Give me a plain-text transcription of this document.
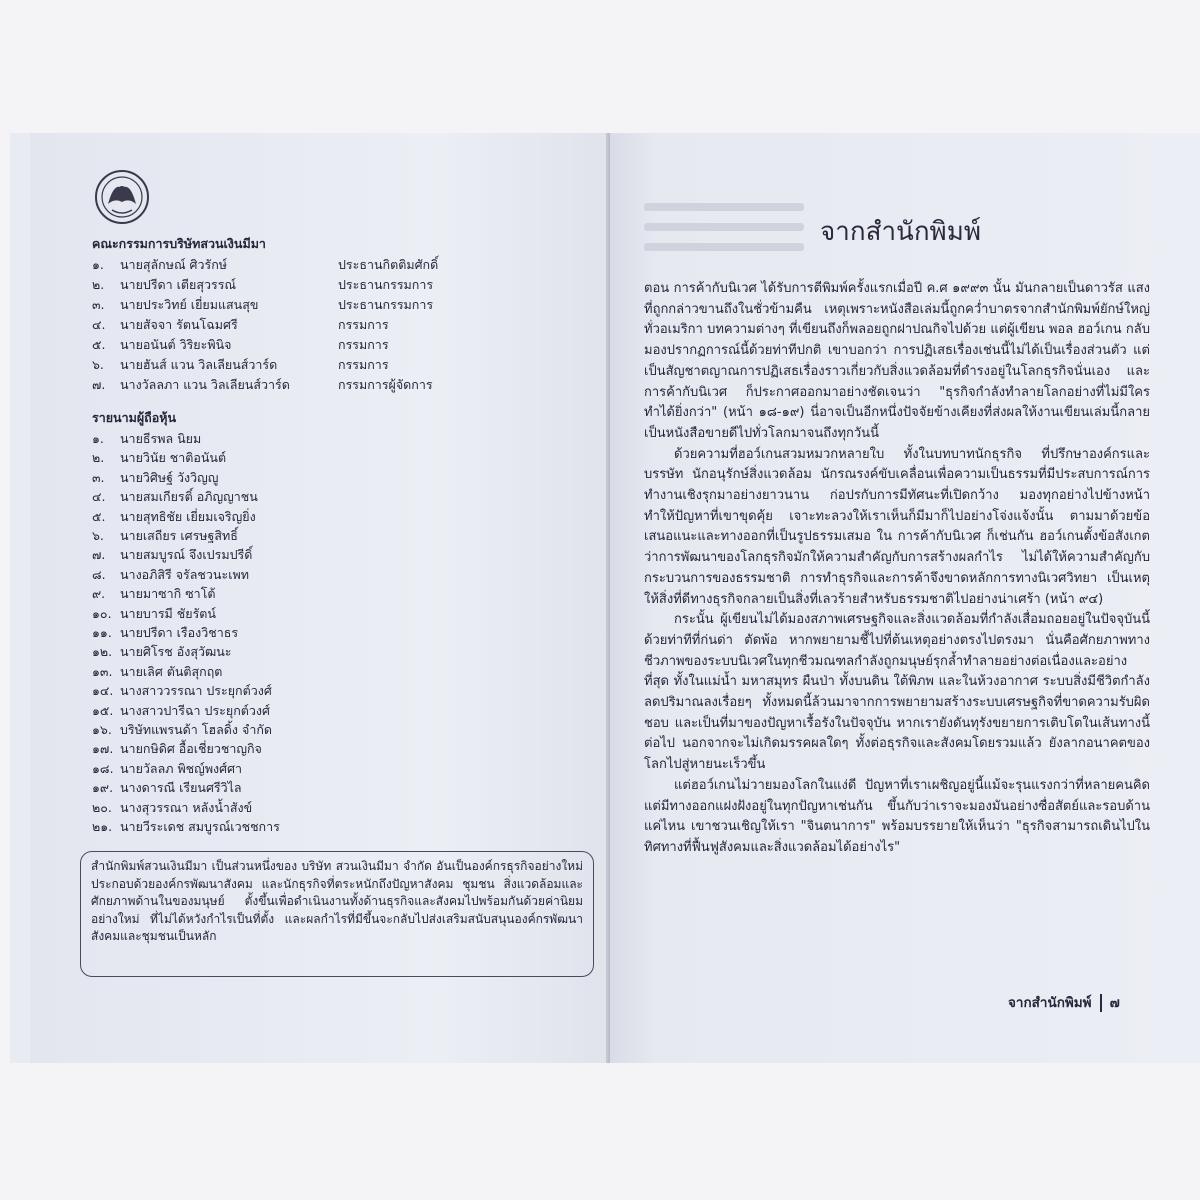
คณะกรรมการบริษัทสวนเงินมีมา
๑. นายสุลักษณ์ ศิวรักษ์	ประธานกิตติมศักดิ์
๒. นายปรีดา เตียสุวรรณ์	ประธานกรรมการ
๓. นายประวิทย์ เยี่ยมแสนสุข	ประธานกรรมการ
๔. นายสัจจา รัตนโฉมศรี	กรรมการ
๕. นายอนันต์ วิริยะพินิจ	กรรมการ
๖. นายฮันส์ แวน วิลเลียนส์วาร์ด	กรรมการ
๗. นางวัลลภา แวน วิลเลียนส์วาร์ด	กรรมการผู้จัดการ
รายนามผู้ถือหุ้น
๑. นายธีรพล นิยม
๒. นายวินัย ชาติอนันต์
๓. นายวิศิษฐ์ วังวิญญู
๔. นายสมเกียรติ์ อภิญญาชน
๕. นายสุทธิชัย เยี่ยมเจริญยิ่ง
๖. นายเสถียร เศรษฐสิทธิ์
๗. นายสมบูรณ์ จึงเปรมปรีดิ์
๘. นางอภิสิรี จรัลชวนะเพท
๙. นายมาซากิ ซาโต้
๑๐. นายบารมี ชัยรัตน์
๑๑. นายปรีดา เรืองวิชาธร
๑๒. นายศิโรช อังสุวัฒนะ
๑๓. นายเลิศ ตันติสุกฤต
๑๔. นางสาววรรณา ประยุกต์วงศ์
๑๕. นางสาวปารีฉา ประยุกต์วงศ์
๑๖. บริษัทแพรนด้า โฮลดิ้ง จำกัด
๑๗. นายกษิดิศ อื้อเชี่ยวชาญกิจ
๑๘. นายวัลลภ พิชญ์พงศ์ศา
๑๙. นางดารณี เรียนศรีวิไล
๒๐. นางสุวรรณา หลังน้ำสังข์
๒๑. นายวีระเดช สมบูรณ์เวชชการ
สำนักพิมพ์สวนเงินมีมา เป็นส่วนหนึ่งของ บริษัท สวนเงินมีมา จำกัด อันเป็นองค์กรธุรกิจอย่างใหม่ ประกอบด้วยองค์กรพัฒนาสังคม และนักธุรกิจที่ตระหนักถึงปัญหาสังคม ชุมชน สิ่งแวดล้อมและศักยภาพด้านในของมนุษย์ ตั้งขึ้นเพื่อดำเนินงานทั้งด้านธุรกิจและสังคมไปพร้อมกันด้วยค่านิยมอย่างใหม่ ที่ไม่ได้หวังกำไรเป็นที่ตั้ง และผลกำไรที่มีขึ้นจะกลับไปส่งเสริมสนับสนุนองค์กรพัฒนาสังคมและชุมชนเป็นหลัก
จากสำนักพิมพ์

ตอน การค้ากับนิเวศ ได้รับการตีพิมพ์ครั้งแรกเมื่อปี ค.ศ ๑๙๙๓ นั้น มันกลายเป็นดาวรัส แสงที่ถูกกล่าวขานถึงในชั่วข้ามคืน เหตุเพราะหนังสือเล่มนี้ถูกคว่ำบาตรจากสำนักพิมพ์ยักษ์ใหญ่ทั่วอเมริกา บทความต่างๆ ที่เขียนถึงก็พลอยถูกฝาปณกิจไปด้วย แต่ผู้เขียน พอล ฮอว์เกน กลับมองปรากฏการณ์นี้ด้วยท่าทีปกติ เขาบอกว่า การปฏิเสธเรื่องเช่นนี้ไม่ได้เป็นเรื่องส่วนตัว แต่เป็นสัญชาตญาณการปฏิเสธเรื่องราวเกี่ยวกับสิ่งแวดล้อมที่ดำรงอยู่ในโลกธุรกิจนั่นเอง และ การค้ากับนิเวศ ก็ประกาศออกมาอย่างชัดเจนว่า "ธุรกิจกำลังทำลายโลกอย่างที่ไม่มีใครทำได้ยิ่งกว่า" (หน้า ๑๘-๑๙) นี่อาจเป็นอีกหนึ่งปัจจัยข้างเคียงที่ส่งผลให้งานเขียนเล่มนี้กลายเป็นหนังสือขายดีไปทั่วโลกมาจนถึงทุกวันนี้

ด้วยความที่ฮอว์เกนสวมหมวกหลายใบ ทั้งในบทบาทนักธุรกิจ ที่ปรึกษาองค์กรและบรรษัท นักอนุรักษ์สิ่งแวดล้อม นักรณรงค์ขับเคลื่อนเพื่อความเป็นธรรมที่มีประสบการณ์การทำงานเชิงรุกมาอย่างยาวนาน ก่อปรกับการมีทัศนะที่เปิดกว้าง มองทุกอย่างไปข้างหน้า ทำให้ปัญหาที่เขาขุดคุ้ย เจาะทะลวงให้เราเห็นก็มีมาก็ไปอย่างโจ่งแจ้งนั้น ตามมาด้วยข้อเสนอแนะและทางออกที่เป็นรูปธรรมเสมอ ใน การค้ากับนิเวศ ก็เช่นกัน ฮอว์เกนตั้งข้อสังเกตว่าการพัฒนาของโลกธุรกิจมักให้ความสำคัญกับการสร้างผลกำไร ไม่ได้ให้ความสำคัญกับกระบวนการของธรรมชาติ การทำธุรกิจและการค้าจึงขาดหลักการทางนิเวศวิทยา เป็นเหตุให้สิ่งที่ดีทางธุรกิจกลายเป็นสิ่งที่เลวร้ายสำหรับธรรมชาติไปอย่างน่าเศร้า (หน้า ๙๔)

กระนั้น ผู้เขียนไม่ได้มองสภาพเศรษฐกิจและสิ่งแวดล้อมที่กำลังเสื่อมถอยอยู่ในปัจจุบันนี้ด้วยท่าทีที่ก่นด่า ตัดพ้อ หากพยายามชี้ไปที่ต้นเหตุอย่างตรงไปตรงมา นั่นคือศักยภาพทางชีวภาพของระบบนิเวศในทุกชีวมณฑลกำลังถูกมนุษย์รุกล้ำทำลายอย่างต่อเนื่องและอย่างที่สุด ทั้งในแม่น้ำ มหาสมุทร ผืนป่า ทั้งบนดิน ใต้พิภพ และในห้วงอากาศ ระบบสิ่งมีชีวิตกำลังลดปริมาณลงเรื่อยๆ ทั้งหมดนี้ล้วนมาจากการพยายามสร้างระบบเศรษฐกิจที่ขาดความรับผิดชอบ และเป็นที่มาของปัญหาเรื้อรังในปัจจุบัน หากเรายังดันทุรังขยายการเติบโตในเส้นทางนี้ต่อไป นอกจากจะไม่เกิดมรรคผลใดๆ ทั้งต่อธุรกิจและสังคมโดยรวมแล้ว ยังลากอนาคตของโลกไปสู่หายนะเร็วขึ้น

แต่ฮอว์เกนไม่วายมองโลกในแง่ดี ปัญหาที่เราเผชิญอยู่นี้แม้จะรุนแรงกว่าที่หลายคนคิด แต่มีทางออกแฝงฝังอยู่ในทุกปัญหาเช่นกัน ขึ้นกับว่าเราจะมองมันอย่างซื่อสัตย์และรอบด้านแค่ไหน เขาชวนเชิญให้เรา "จินตนาการ" พร้อมบรรยายให้เห็นว่า "ธุรกิจสามารถเดินไปในทิศทางที่ฟื้นฟูสังคมและสิ่งแวดล้อมได้อย่างไร"

จากสำนักพิมพ์ ๗
